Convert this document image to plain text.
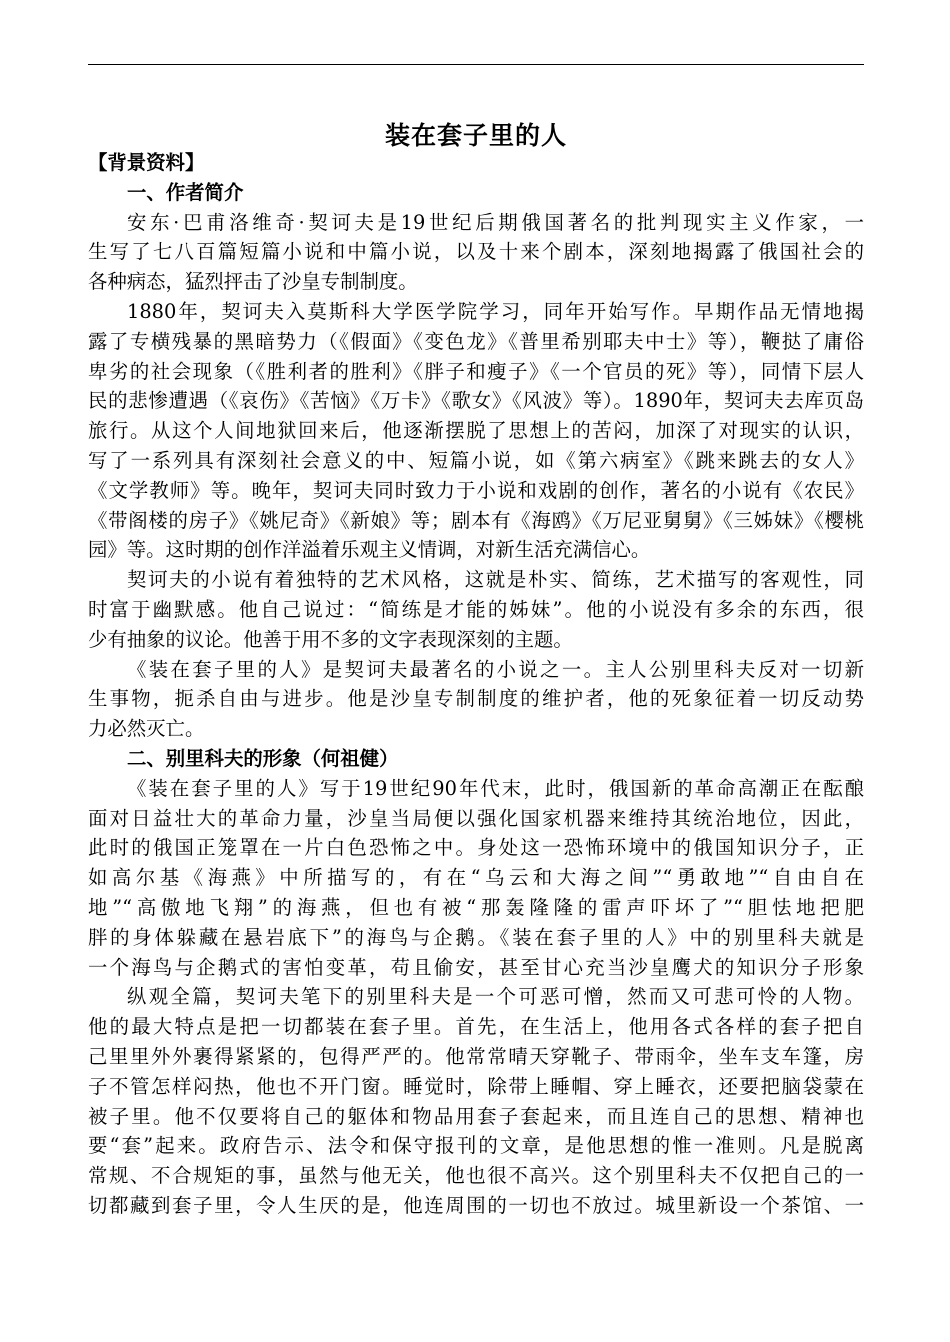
装在套子里的人
【背景资料】
一、作者简介
安东·巴甫洛维奇·契诃夫是19世纪后期俄国著名的批判现实主义作家，一
生写了七八百篇短篇小说和中篇小说，以及十来个剧本，深刻地揭露了俄国社会的
各种病态，猛烈抨击了沙皇专制制度。
1880年，契诃夫入莫斯科大学医学院学习，同年开始写作。早期作品无情地揭
露了专横残暴的黑暗势力（《假面》《变色龙》《普里希别耶夫中士》等），鞭挞了庸俗
卑劣的社会现象（《胜利者的胜利》《胖子和瘦子》《一个官员的死》等），同情下层人
民的悲惨遭遇（《哀伤》《苦恼》《万卡》《歌女》《风波》等）。1890年，契诃夫去库页岛
旅行。从这个人间地狱回来后，他逐渐摆脱了思想上的苦闷，加深了对现实的认识，
写了一系列具有深刻社会意义的中、短篇小说，如《第六病室》《跳来跳去的女人》
《文学教师》等。晚年，契诃夫同时致力于小说和戏剧的创作，著名的小说有《农民》
《带阁楼的房子》《姚尼奇》《新娘》等；剧本有《海鸥》《万尼亚舅舅》《三姊妹》《樱桃
园》等。这时期的创作洋溢着乐观主义情调，对新生活充满信心。
契诃夫的小说有着独特的艺术风格，这就是朴实、简练，艺术描写的客观性，同
时富于幽默感。他自己说过：“简练是才能的姊妹”。他的小说没有多余的东西，很
少有抽象的议论。他善于用不多的文字表现深刻的主题。
《装在套子里的人》是契诃夫最著名的小说之一。主人公别里科夫反对一切新
生事物，扼杀自由与进步。他是沙皇专制制度的维护者，他的死象征着一切反动势
力必然灭亡。
二、别里科夫的形象（何祖健）
《装在套子里的人》写于19世纪90年代末，此时，俄国新的革命高潮正在酝酿
面对日益壮大的革命力量，沙皇当局便以强化国家机器来维持其统治地位，因此，
此时的俄国正笼罩在一片白色恐怖之中。身处这一恐怖环境中的俄国知识分子，正
如高尔基《海燕》中所描写的，有在“乌云和大海之间”“勇敢地”“自由自在
地”“高傲地飞翔”的海燕，但也有被“那轰隆隆的雷声吓坏了”“胆怯地把肥
胖的身体躲藏在悬岩底下”的海鸟与企鹅。《装在套子里的人》中的别里科夫就是
一个海鸟与企鹅式的害怕变革，苟且偷安，甚至甘心充当沙皇鹰犬的知识分子形象
纵观全篇，契诃夫笔下的别里科夫是一个可恶可憎，然而又可悲可怜的人物。
他的最大特点是把一切都装在套子里。首先，在生活上，他用各式各样的套子把自
己里里外外裹得紧紧的，包得严严的。他常常晴天穿靴子、带雨伞，坐车支车篷，房
子不管怎样闷热，他也不开门窗。睡觉时，除带上睡帽、穿上睡衣，还要把脑袋蒙在
被子里。他不仅要将自己的躯体和物品用套子套起来，而且连自己的思想、精神也
要“套”起来。政府告示、法令和保守报刊的文章，是他思想的惟一准则。凡是脱离
常规、不合规矩的事，虽然与他无关，他也很不高兴。这个别里科夫不仅把自己的一
切都藏到套子里，令人生厌的是，他连周围的一切也不放过。城里新设一个茶馆、一
